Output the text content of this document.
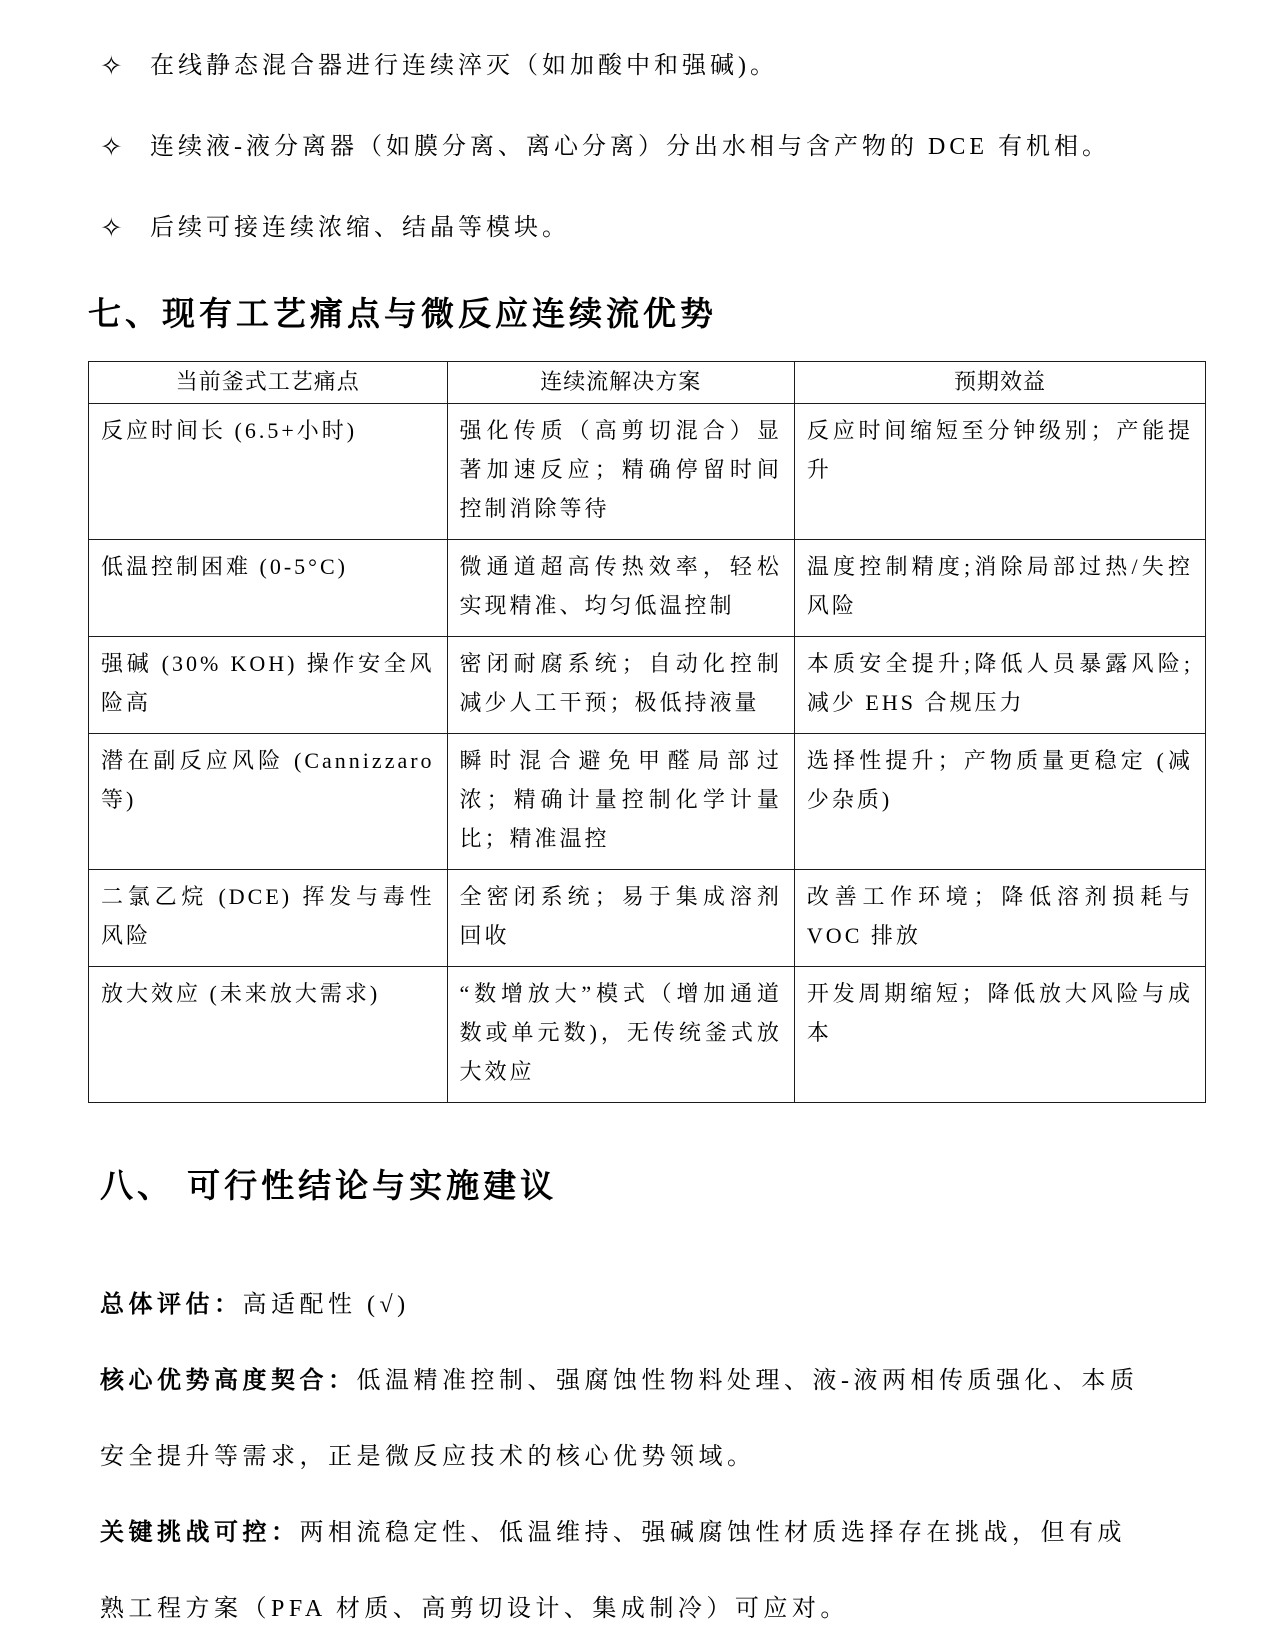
✧	在线静态混合器进行连续淬灭（如加酸中和强碱)。
✧	连续液-液分离器（如膜分离、离心分离）分出水相与含产物的 DCE 有机相。
✧	后续可接连续浓缩、结晶等模块。
七、现有工艺痛点与微反应连续流优势
当前釜式工艺痛点	连续流解决方案	预期效益
反应时间长 (6.5+小时)	强化传质（高剪切混合）显著加速反应；精确停留时间控制消除等待	反应时间缩短至分钟级别；产能提升
低温控制困难 (0-5°C)	微通道超高传热效率，轻松实现精准、均匀低温控制	温度控制精度;消除局部过热/失控风险
强碱 (30% KOH) 操作安全风险高	密闭耐腐系统；自动化控制减少人工干预；极低持液量	本质安全提升;降低人员暴露风险;减少 EHS 合规压力
潜在副反应风险 (Cannizzaro 等)	瞬时混合避免甲醛局部过浓；精确计量控制化学计量比；精准温控	选择性提升；产物质量更稳定 (减少杂质)
二氯乙烷 (DCE) 挥发与毒性风险	全密闭系统；易于集成溶剂回收	改善工作环境；降低溶剂损耗与 VOC 排放
放大效应 (未来放大需求)	“数增放大”模式（增加通道数或单元数)，无传统釜式放大效应	开发周期缩短；降低放大风险与成本
八、 可行性结论与实施建议

总体评估：高适配性 (√)

核心优势高度契合：低温精准控制、强腐蚀性物料处理、液-液两相传质强化、本质安全提升等需求，正是微反应技术的核心优势领域。

关键挑战可控：两相流稳定性、低温维持、强碱腐蚀性材质选择存在挑战，但有成熟工程方案（PFA 材质、高剪切设计、集成制冷）可应对。
